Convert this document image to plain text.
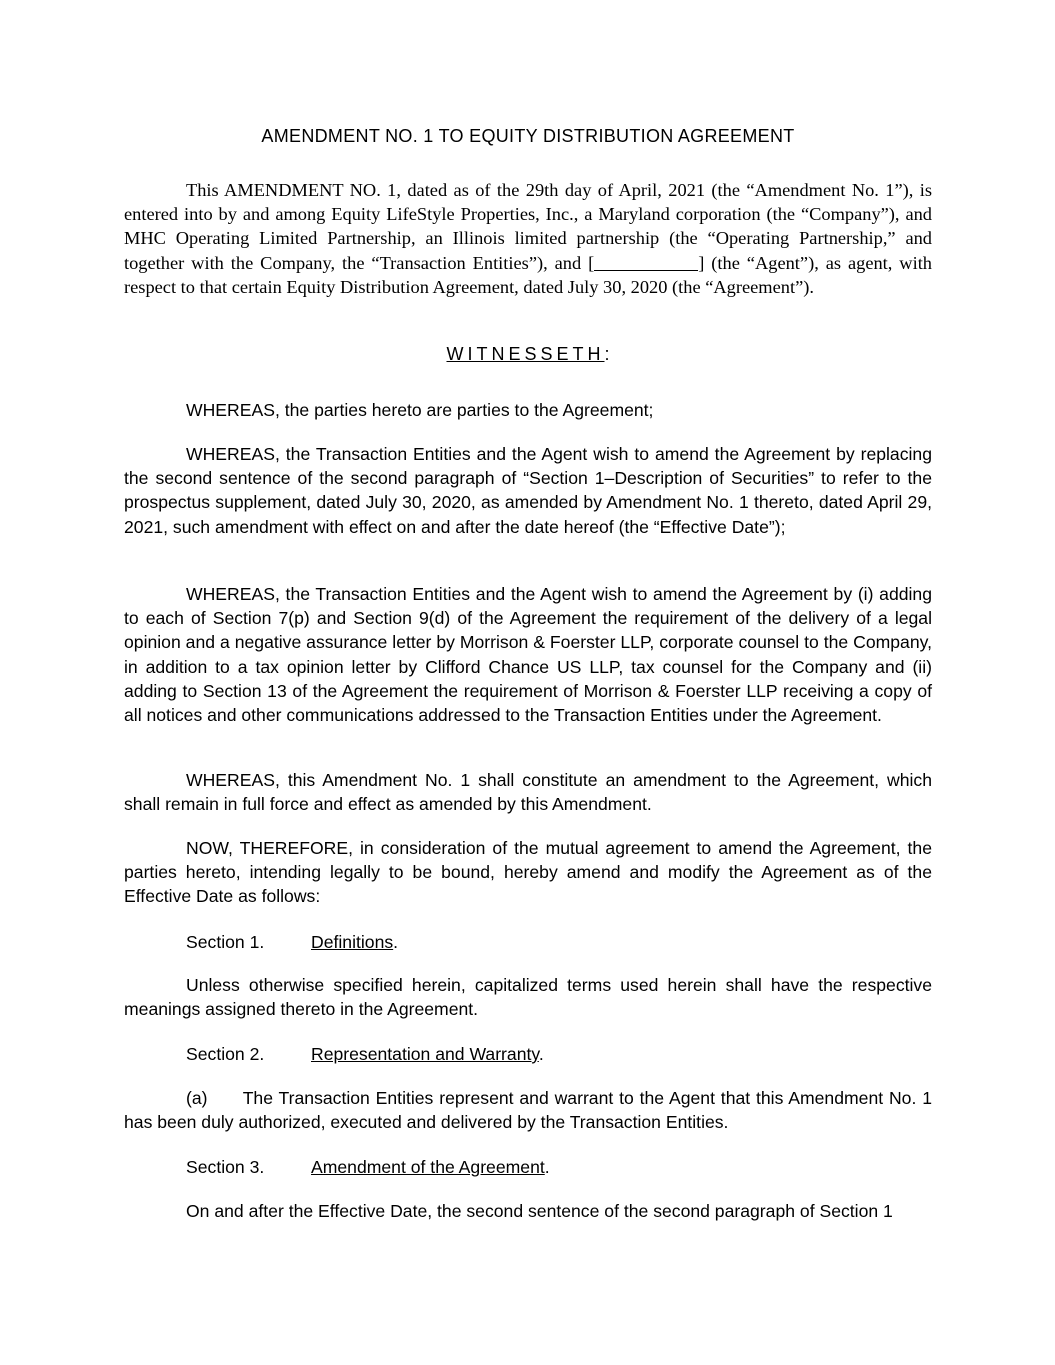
AMENDMENT NO. 1 TO EQUITY DISTRIBUTION AGREEMENT
This AMENDMENT NO. 1, dated as of the 29th day of April, 2021 (the “Amendment No. 1”), is entered into by and among Equity LifeStyle Properties, Inc., a Maryland corporation (the “Company”), and MHC Operating Limited Partnership, an Illinois limited partnership (the “Operating Partnership,” and together with the Company, the “Transaction Entities”), and [	] (the “Agent”), as agent, with respect to that certain Equity Distribution Agreement, dated July 30, 2020 (the “Agreement”).
WITNESSETH:
WHEREAS, the parties hereto are parties to the Agreement;
WHEREAS, the Transaction Entities and the Agent wish to amend the Agreement by replacing the second sentence of the second paragraph of “Section 1–Description of Securities” to refer to the prospectus supplement, dated July 30, 2020, as amended by Amendment No. 1 thereto, dated April 29, 2021, such amendment with effect on and after the date hereof (the “Effective Date”);
WHEREAS, the Transaction Entities and the Agent wish to amend the Agreement by (i) adding to each of Section 7(p) and Section 9(d) of the Agreement the requirement of the delivery of a legal opinion and a negative assurance letter by Morrison & Foerster LLP, corporate counsel to the Company, in addition to a tax opinion letter by Clifford Chance US LLP, tax counsel for the Company and (ii) adding to Section 13 of the Agreement the requirement of Morrison & Foerster LLP receiving a copy of all notices and other communications addressed to the Transaction Entities under the Agreement.
WHEREAS, this Amendment No. 1 shall constitute an amendment to the Agreement, which shall remain in full force and effect as amended by this Amendment.
NOW, THEREFORE, in consideration of the mutual agreement to amend the Agreement, the parties hereto, intending legally to be bound, hereby amend and modify the Agreement as of the Effective Date as follows:
Section 1.	Definitions.
Unless otherwise specified herein, capitalized terms used herein shall have the respective meanings assigned thereto in the Agreement.
Section 2.	Representation and Warranty.
(a)  The Transaction Entities represent and warrant to the Agent that this Amendment No. 1 has been duly authorized, executed and delivered by the Transaction Entities.
Section 3.	Amendment of the Agreement.
On and after the Effective Date, the second sentence of the second paragraph of Section 1
